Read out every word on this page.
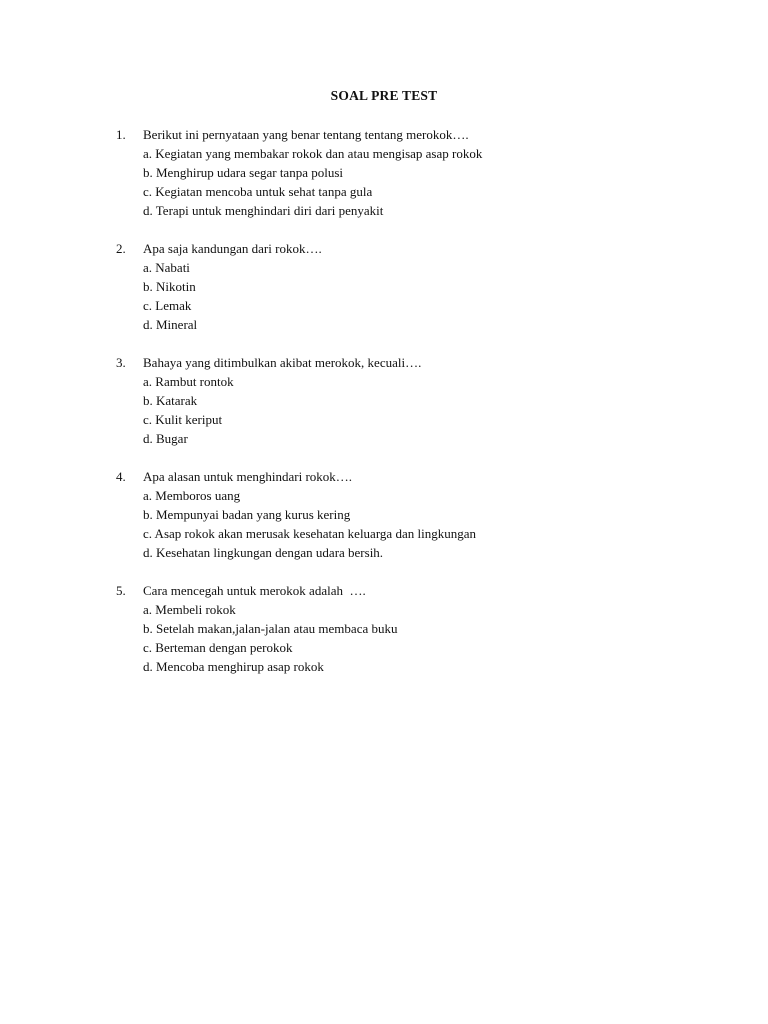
SOAL PRE TEST
1.	Berikut ini pernyataan yang benar tentang tentang merokok….
a. Kegiatan yang membakar rokok dan atau mengisap asap rokok
b. Menghirup udara segar tanpa polusi
c. Kegiatan mencoba untuk sehat tanpa gula
d. Terapi untuk menghindari diri dari penyakit
2.	Apa saja kandungan dari rokok….
a. Nabati
b. Nikotin
c. Lemak
d. Mineral
3.	Bahaya yang ditimbulkan akibat merokok, kecuali….
a. Rambut rontok
b. Katarak
c. Kulit keriput
d. Bugar
4.	Apa alasan untuk menghindari rokok….
a. Memboros uang
b. Mempunyai badan yang kurus kering
c. Asap rokok akan merusak kesehatan keluarga dan lingkungan
d. Kesehatan lingkungan dengan udara bersih.
5.	Cara mencegah untuk merokok adalah  ….
a. Membeli rokok
b. Setelah makan,jalan-jalan atau membaca buku
c. Berteman dengan perokok
d. Mencoba menghirup asap rokok
